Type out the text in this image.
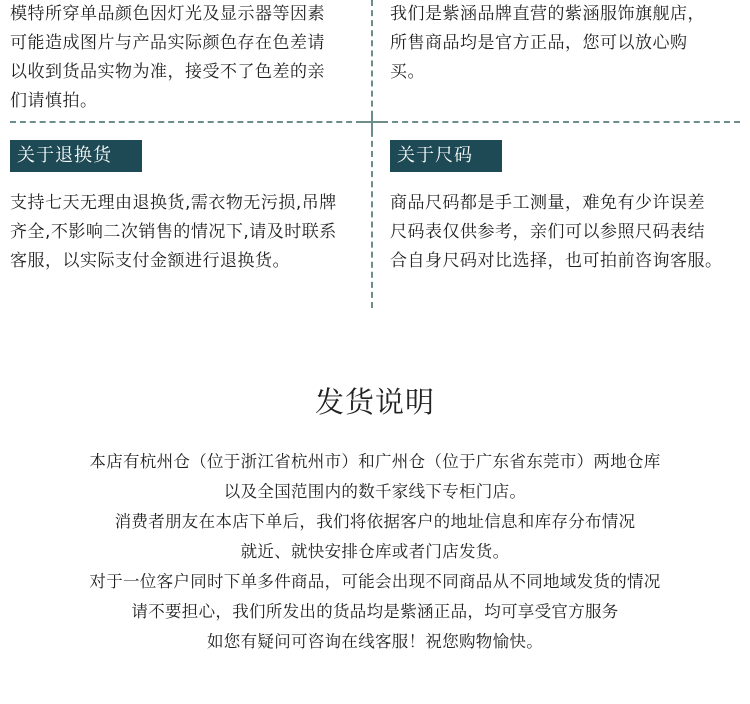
模特所穿单品颜色因灯光及显示器等因素

可能造成图片与产品实际颜色存在色差请

以收到货品实物为准，接受不了色差的亲

们请慎拍。

我们是紫涵品牌直营的紫涵服饰旗舰店，

所售商品均是官方正品，您可以放心购

买。

关于退换货	关于尺码

支持七天无理由退换货,需衣物无污损,吊牌

齐全,不影响二次销售的情况下,请及时联系

客服，以实际支付金额进行退换货。

商品尺码都是手工测量，难免有少许误差

尺码表仅供参考，亲们可以参照尺码表结

合自身尺码对比选择，也可拍前咨询客服。

发货说明

本店有杭州仓（位于浙江省杭州市）和广州仓（位于广东省东莞市）两地仓库

以及全国范围内的数千家线下专柜门店。

消费者朋友在本店下单后，我们将依据客户的地址信息和库存分布情况

就近、就快安排仓库或者门店发货。

对于一位客户同时下单多件商品，可能会出现不同商品从不同地域发货的情况

请不要担心，我们所发出的货品均是紫涵正品，均可享受官方服务

如您有疑问可咨询在线客服！祝您购物愉快。
